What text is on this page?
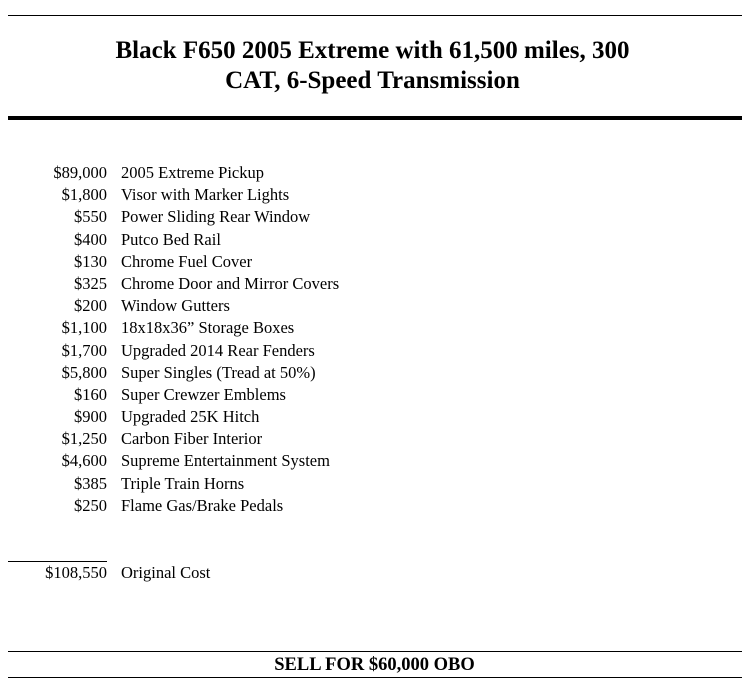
Black F650 2005 Extreme with 61,500 miles, 300
CAT, 6-Speed Transmission
$89,000 2005 Extreme Pickup
$1,800 Visor with Marker Lights
$550 Power Sliding Rear Window
$400 Putco Bed Rail
$130 Chrome Fuel Cover
$325 Chrome Door and Mirror Covers
$200 Window Gutters
$1,100 18x18x36” Storage Boxes
$1,700 Upgraded 2014 Rear Fenders
$5,800 Super Singles (Tread at 50%)
$160 Super Crewzer Emblems
$900 Upgraded 25K Hitch
$1,250 Carbon Fiber Interior
$4,600 Supreme Entertainment System
$385 Triple Train Horns
$250 Flame Gas/Brake Pedals
$108,550 Original Cost
SELL FOR $60,000 OBO
